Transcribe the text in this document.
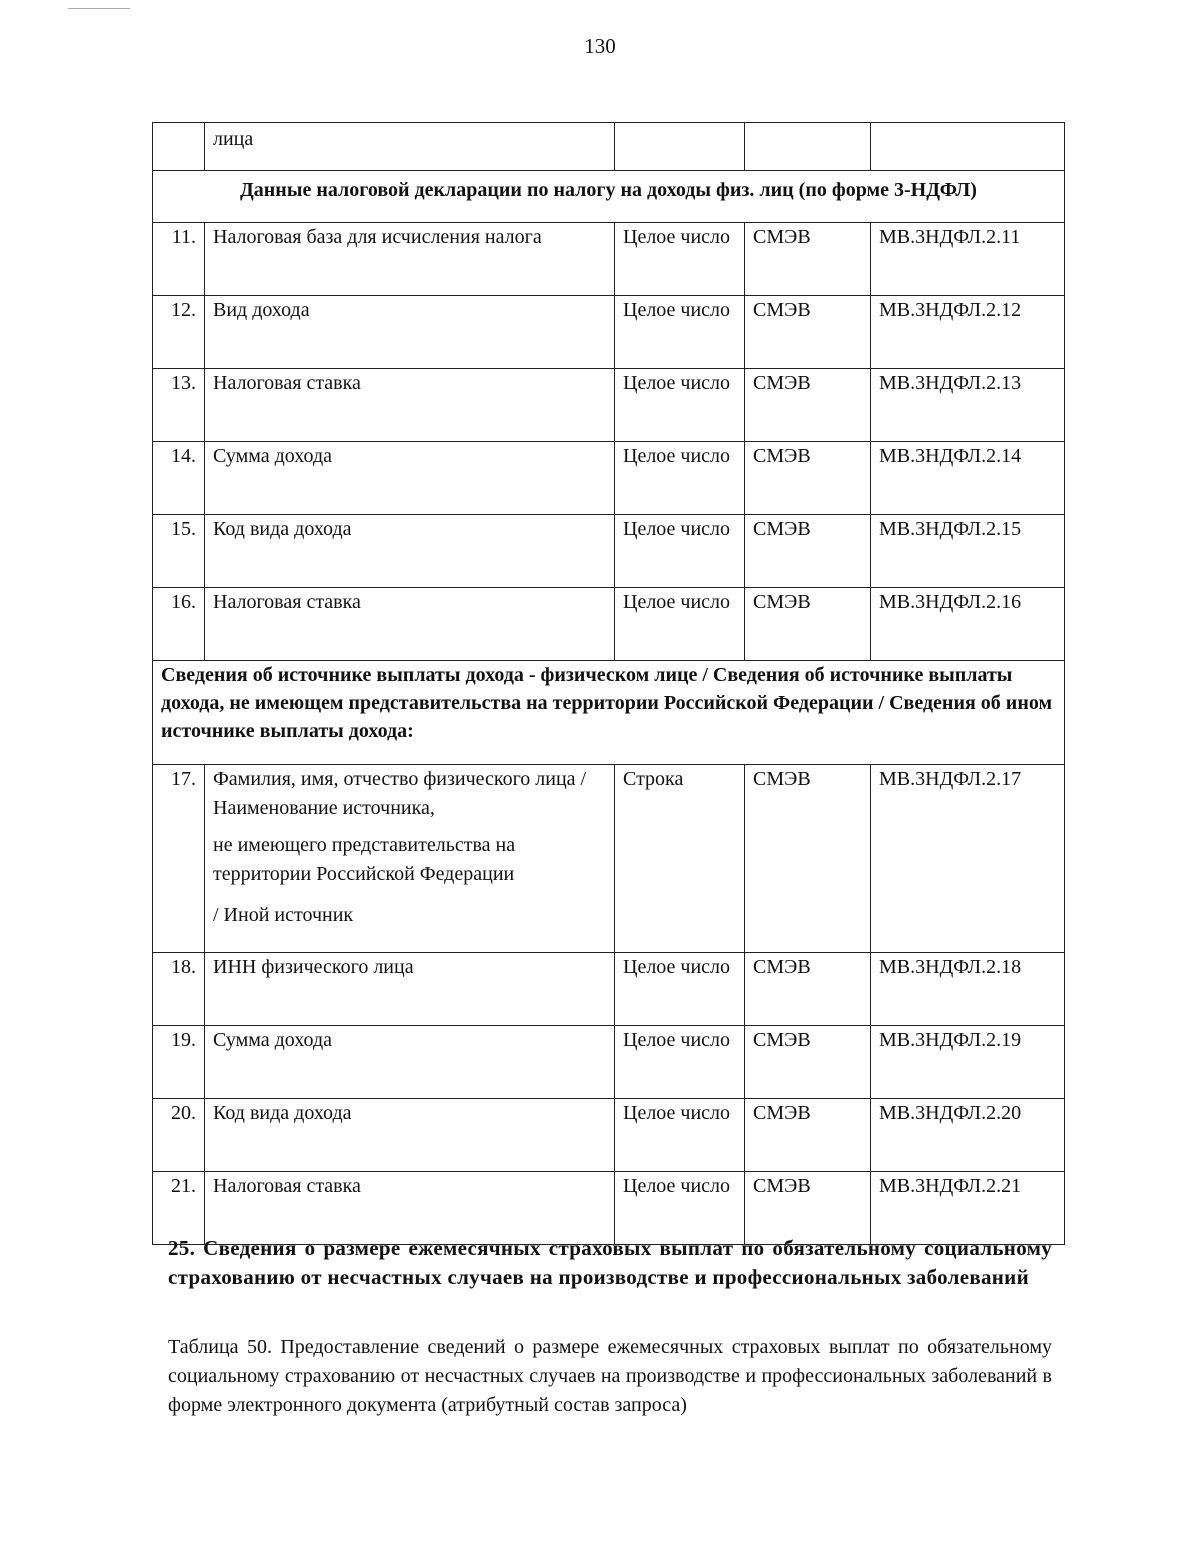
130
	лица			
Данные налоговой декларации по налогу на доходы физ. лиц (по форме 3-НДФЛ)				
11.	Налоговая база для исчисления налога	Целое число	СМЭВ	МВ.3НДФЛ.2.11
12.	Вид дохода	Целое число	СМЭВ	МВ.3НДФЛ.2.12
13.	Налоговая ставка	Целое число	СМЭВ	МВ.3НДФЛ.2.13
14.	Сумма дохода	Целое число	СМЭВ	МВ.3НДФЛ.2.14
15.	Код вида дохода	Целое число	СМЭВ	МВ.3НДФЛ.2.15
16.	Налоговая ставка	Целое число	СМЭВ	МВ.3НДФЛ.2.16
Сведения об источнике выплаты дохода - физическом лице / Сведения об источнике выплаты дохода, не имеющем представительства на территории Российской Федерации / Сведения об ином источнике выплаты дохода:				
17.	Фамилия, имя, отчество физического лица / Наименование источника,
не имеющего представительства на территории Российской Федерации
/ Иной источник	Строка	СМЭВ	МВ.3НДФЛ.2.17
18.	ИНН физического лица	Целое число	СМЭВ	МВ.3НДФЛ.2.18
19.	Сумма дохода	Целое число	СМЭВ	МВ.3НДФЛ.2.19
20.	Код вида дохода	Целое число	СМЭВ	МВ.3НДФЛ.2.20
21.	Налоговая ставка	Целое число	СМЭВ	МВ.3НДФЛ.2.21
25. Сведения о размере ежемесячных страховых выплат по обязательному социальному страхованию от несчастных случаев на производстве и профессиональных заболеваний
Таблица 50. Предоставление сведений о размере ежемесячных страховых выплат по обязательному социальному страхованию от несчастных случаев на производстве и профессиональных заболеваний в форме электронного документа (атрибутный состав запроса)
